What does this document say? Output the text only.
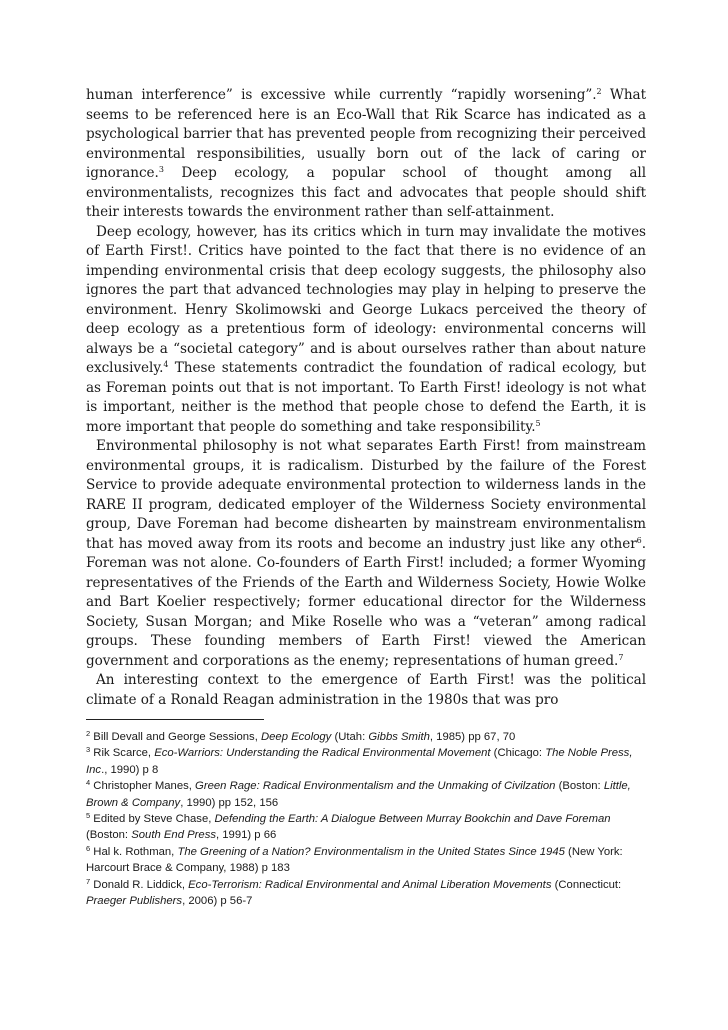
human interference” is excessive while currently “rapidly worsening”.$^2$ What seems to be referenced here is an Eco-Wall that Rik Scarce has indicated as a psychological barrier that has prevented people from recognizing their perceived environmental responsibilities, usually born out of the lack of caring or ignorance.$^3$ Deep ecology, a popular school of thought among all environmentalists, recognizes this fact and advocates that people should shift their interests towards the environment rather than self-attainment.

Deep ecology, however, has its critics which in turn may invalidate the motives of Earth First!. Critics have pointed to the fact that there is no evidence of an impending environmental crisis that deep ecology suggests, the philosophy also ignores the part that advanced technologies may play in helping to preserve the environment. Henry Skolimowski and George Lukacs perceived the theory of deep ecology as a pretentious form of ideology: environmental concerns will always be a “societal category” and is about ourselves rather than about nature exclusively.$^4$ These statements contradict the foundation of radical ecology, but as Foreman points out that is not important. To Earth First! ideology is not what is important, neither is the method that people chose to defend the Earth, it is more important that people do something and take responsibility.$^5$

Environmental philosophy is not what separates Earth First! from mainstream environmental groups, it is radicalism. Disturbed by the failure of the Forest Service to provide adequate environmental protection to wilderness lands in the RARE II program, dedicated employer of the Wilderness Society environmental group, Dave Foreman had become dishearten by mainstream environmentalism that has moved away from its roots and become an industry just like any other$^6$. Foreman was not alone. Co-founders of Earth First! included; a former Wyoming representatives of the Friends of the Earth and Wilderness Society, Howie Wolke and Bart Koelier respectively; former educational director for the Wilderness Society, Susan Morgan; and Mike Roselle who was a “veteran” among radical groups. These founding members of Earth First! viewed the American government and corporations as the enemy; representations of human greed.$^7$

An interesting context to the emergence of Earth First! was the political climate of a Ronald Reagan administration in the 1980s that was pro

$^2$ Bill Devall and George Sessions, Deep Ecology (Utah: Gibbs Smith, 1985) pp 67, 70

$^3$ Rik Scarce, Eco-Warriors: Understanding the Radical Environmental Movement (Chicago: The Noble Press, Inc., 1990) p 8

$^4$ Christopher Manes, Green Rage: Radical Environmentalism and the Unmaking of Civilzation (Boston: Little, Brown & Company, 1990) pp 152, 156

$^5$ Edited by Steve Chase, Defending the Earth: A Dialogue Between Murray Bookchin and Dave Foreman (Boston: South End Press, 1991) p 66

$^6$ Hal k. Rothman, The Greening of a Nation? Environmentalism in the United States Since 1945 (New York: Harcourt Brace & Company, 1988) p 183

$^7$ Donald R. Liddick, Eco-Terrorism: Radical Environmental and Animal Liberation Movements (Connecticut: Praeger Publishers, 2006) p 56-7
